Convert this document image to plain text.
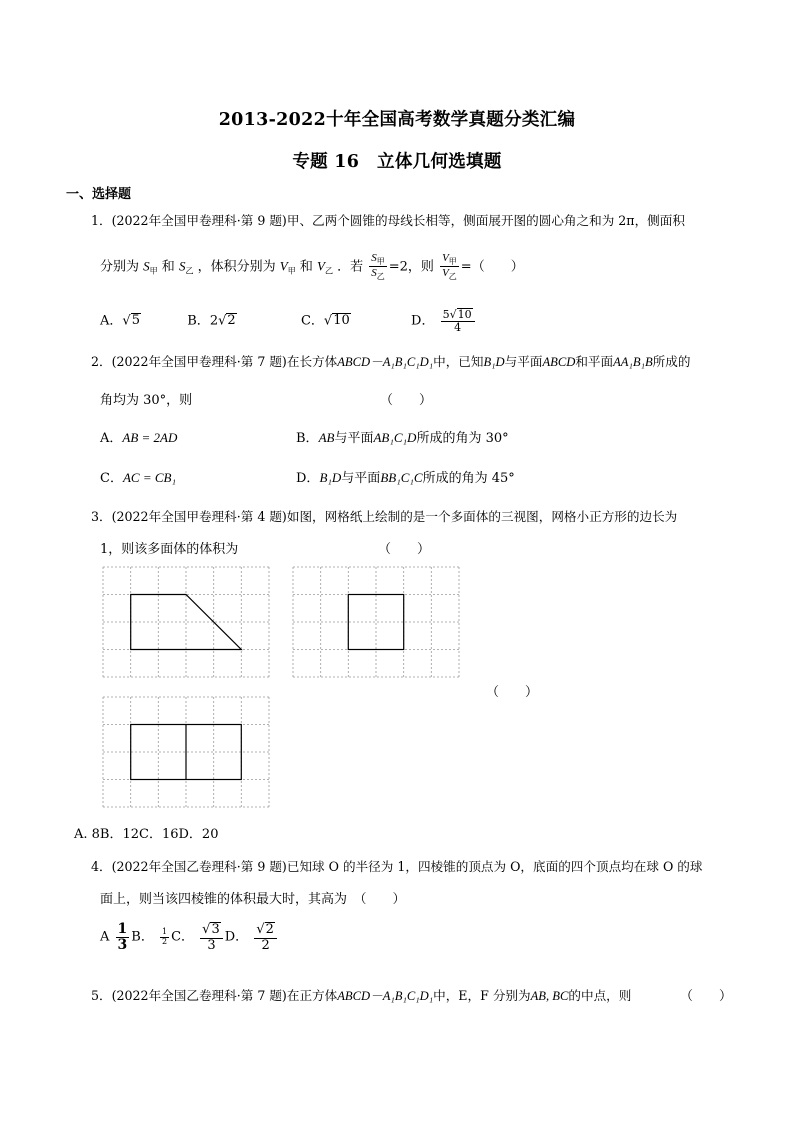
2013-2022十年全国高考数学真题分类汇编
专题 16　立体几何选填题
一、选择题
1．(2022年全国甲卷理科·第 9 题)甲、乙两个圆锥的母线长相等，侧面展开图的圆心角之和为 2π，侧面积
分别为 $S_甲$ 和 $S_乙$ ，体积分别为 $V_甲$ 和 $V_乙$ ．若 $\frac{S_甲}{S_乙} =2$，则 $\frac{V_甲}{V_乙}$ =（　　）
A．√5	B．2√2	C．√10	D． $\frac{5√10}{4}$
2．(2022年全国甲卷理科·第 7 题)在长方体ABCD－A₁B₁C₁D₁中，已知B₁D与平面ABCD和平面AA₁B₁B所成的
角均为 30°，则	（　　）
A．AB = 2AD	B．AB与平面AB₁C₁D所成的角为 30°
C．AC = CB₁	D．B₁D与平面BB₁C₁C所成的角为 45°
3．(2022年全国甲卷理科·第 4 题)如图，网格纸上绘制的是一个多面体的三视图，网格小正方形的边长为
1，则该多面体的体积为	（　　）
（　　）
A. 8B．12C．16D．20
4．(2022年全国乙卷理科·第 9 题)已知球 O 的半径为 1，四棱锥的顶点为 O，底面的四个顶点均在球 O 的球
面上，则当该四棱锥的体积最大时，其高为　（　　）
A $\frac{1}{3}$ B． $\frac{1}{2}$ C． $\frac{√3}{3}$ D． $\frac{√2}{2}$
5．(2022年全国乙卷理科·第 7 题)在正方体ABCD－A₁B₁C₁D₁中，E，F 分别为AB, BC的中点，则	（　　）
